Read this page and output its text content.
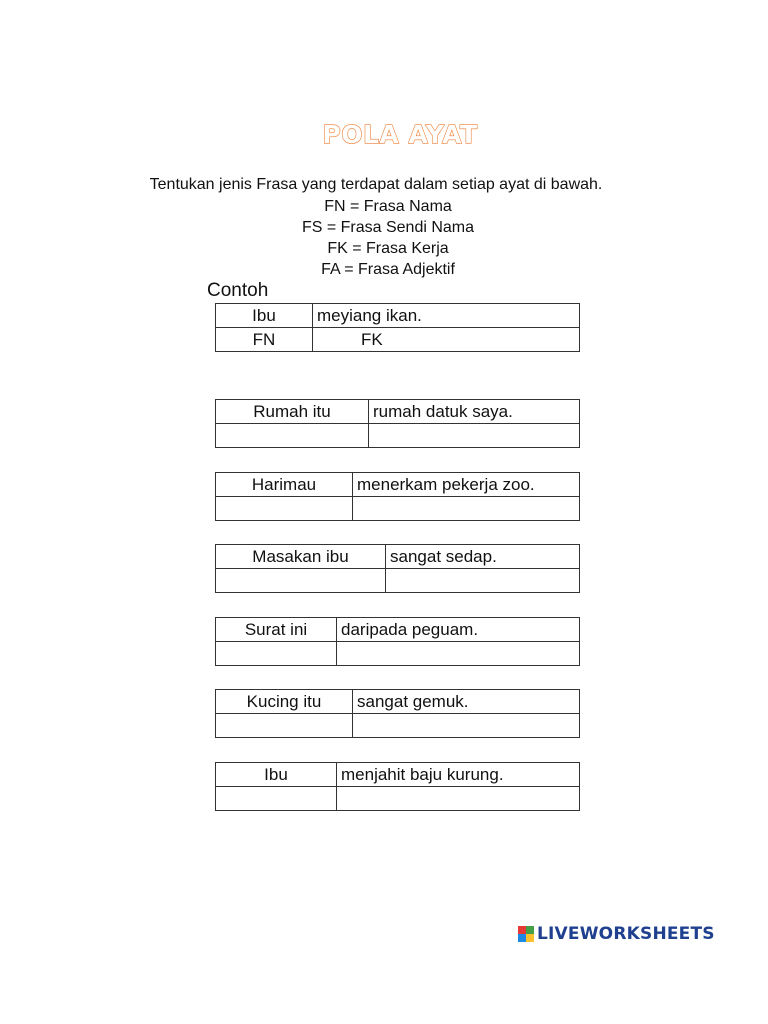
POLA AYAT
Tentukan jenis Frasa yang terdapat dalam setiap ayat di bawah.
FN = Frasa Nama
FS = Frasa Sendi Nama
FK = Frasa Kerja
FA = Frasa Adjektif
Contoh
Ibu	meyiang ikan.
FN	FK
Rumah itu	rumah datuk saya.

Harimau	menerkam pekerja zoo.

Masakan ibu	sangat sedap.

Surat ini	daripada peguam.

Kucing itu	sangat gemuk.

Ibu	menjahit baju kurung.

LIVEWORKSHEETS
